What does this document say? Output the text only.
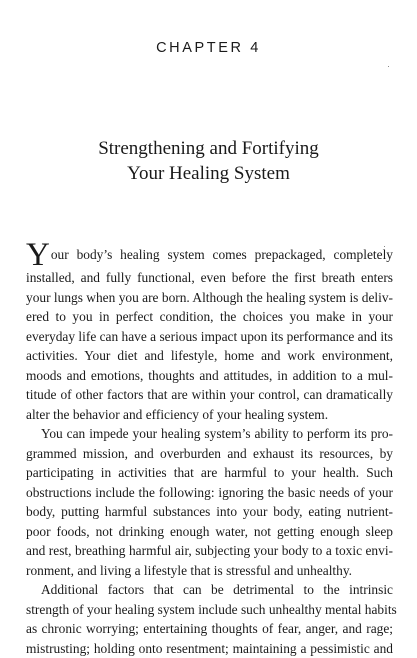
CHAPTER 4
Strengthening and Fortifying
Your Healing System
Your body’s healing system comes prepackaged, completely
installed, and fully functional, even before the first breath enters
your lungs when you are born. Although the healing system is deliv-
ered to you in perfect condition, the choices you make in your
everyday life can have a serious impact upon its performance and its
activities. Your diet and lifestyle, home and work environment,
moods and emotions, thoughts and attitudes, in addition to a mul-
titude of other factors that are within your control, can dramatically
alter the behavior and efficiency of your healing system.
You can impede your healing system’s ability to perform its pro-
grammed mission, and overburden and exhaust its resources, by
participating in activities that are harmful to your health. Such
obstructions include the following: ignoring the basic needs of your
body, putting harmful substances into your body, eating nutrient-
poor foods, not drinking enough water, not getting enough sleep
and rest, breathing harmful air, subjecting your body to a toxic envi-
ronment, and living a lifestyle that is stressful and unhealthy.
Additional factors that can be detrimental to the intrinsic
strength of your healing system include such unhealthy mental habits
as chronic worrying; entertaining thoughts of fear, anger, and rage;
mistrusting; holding onto resentment; maintaining a pessimistic and
